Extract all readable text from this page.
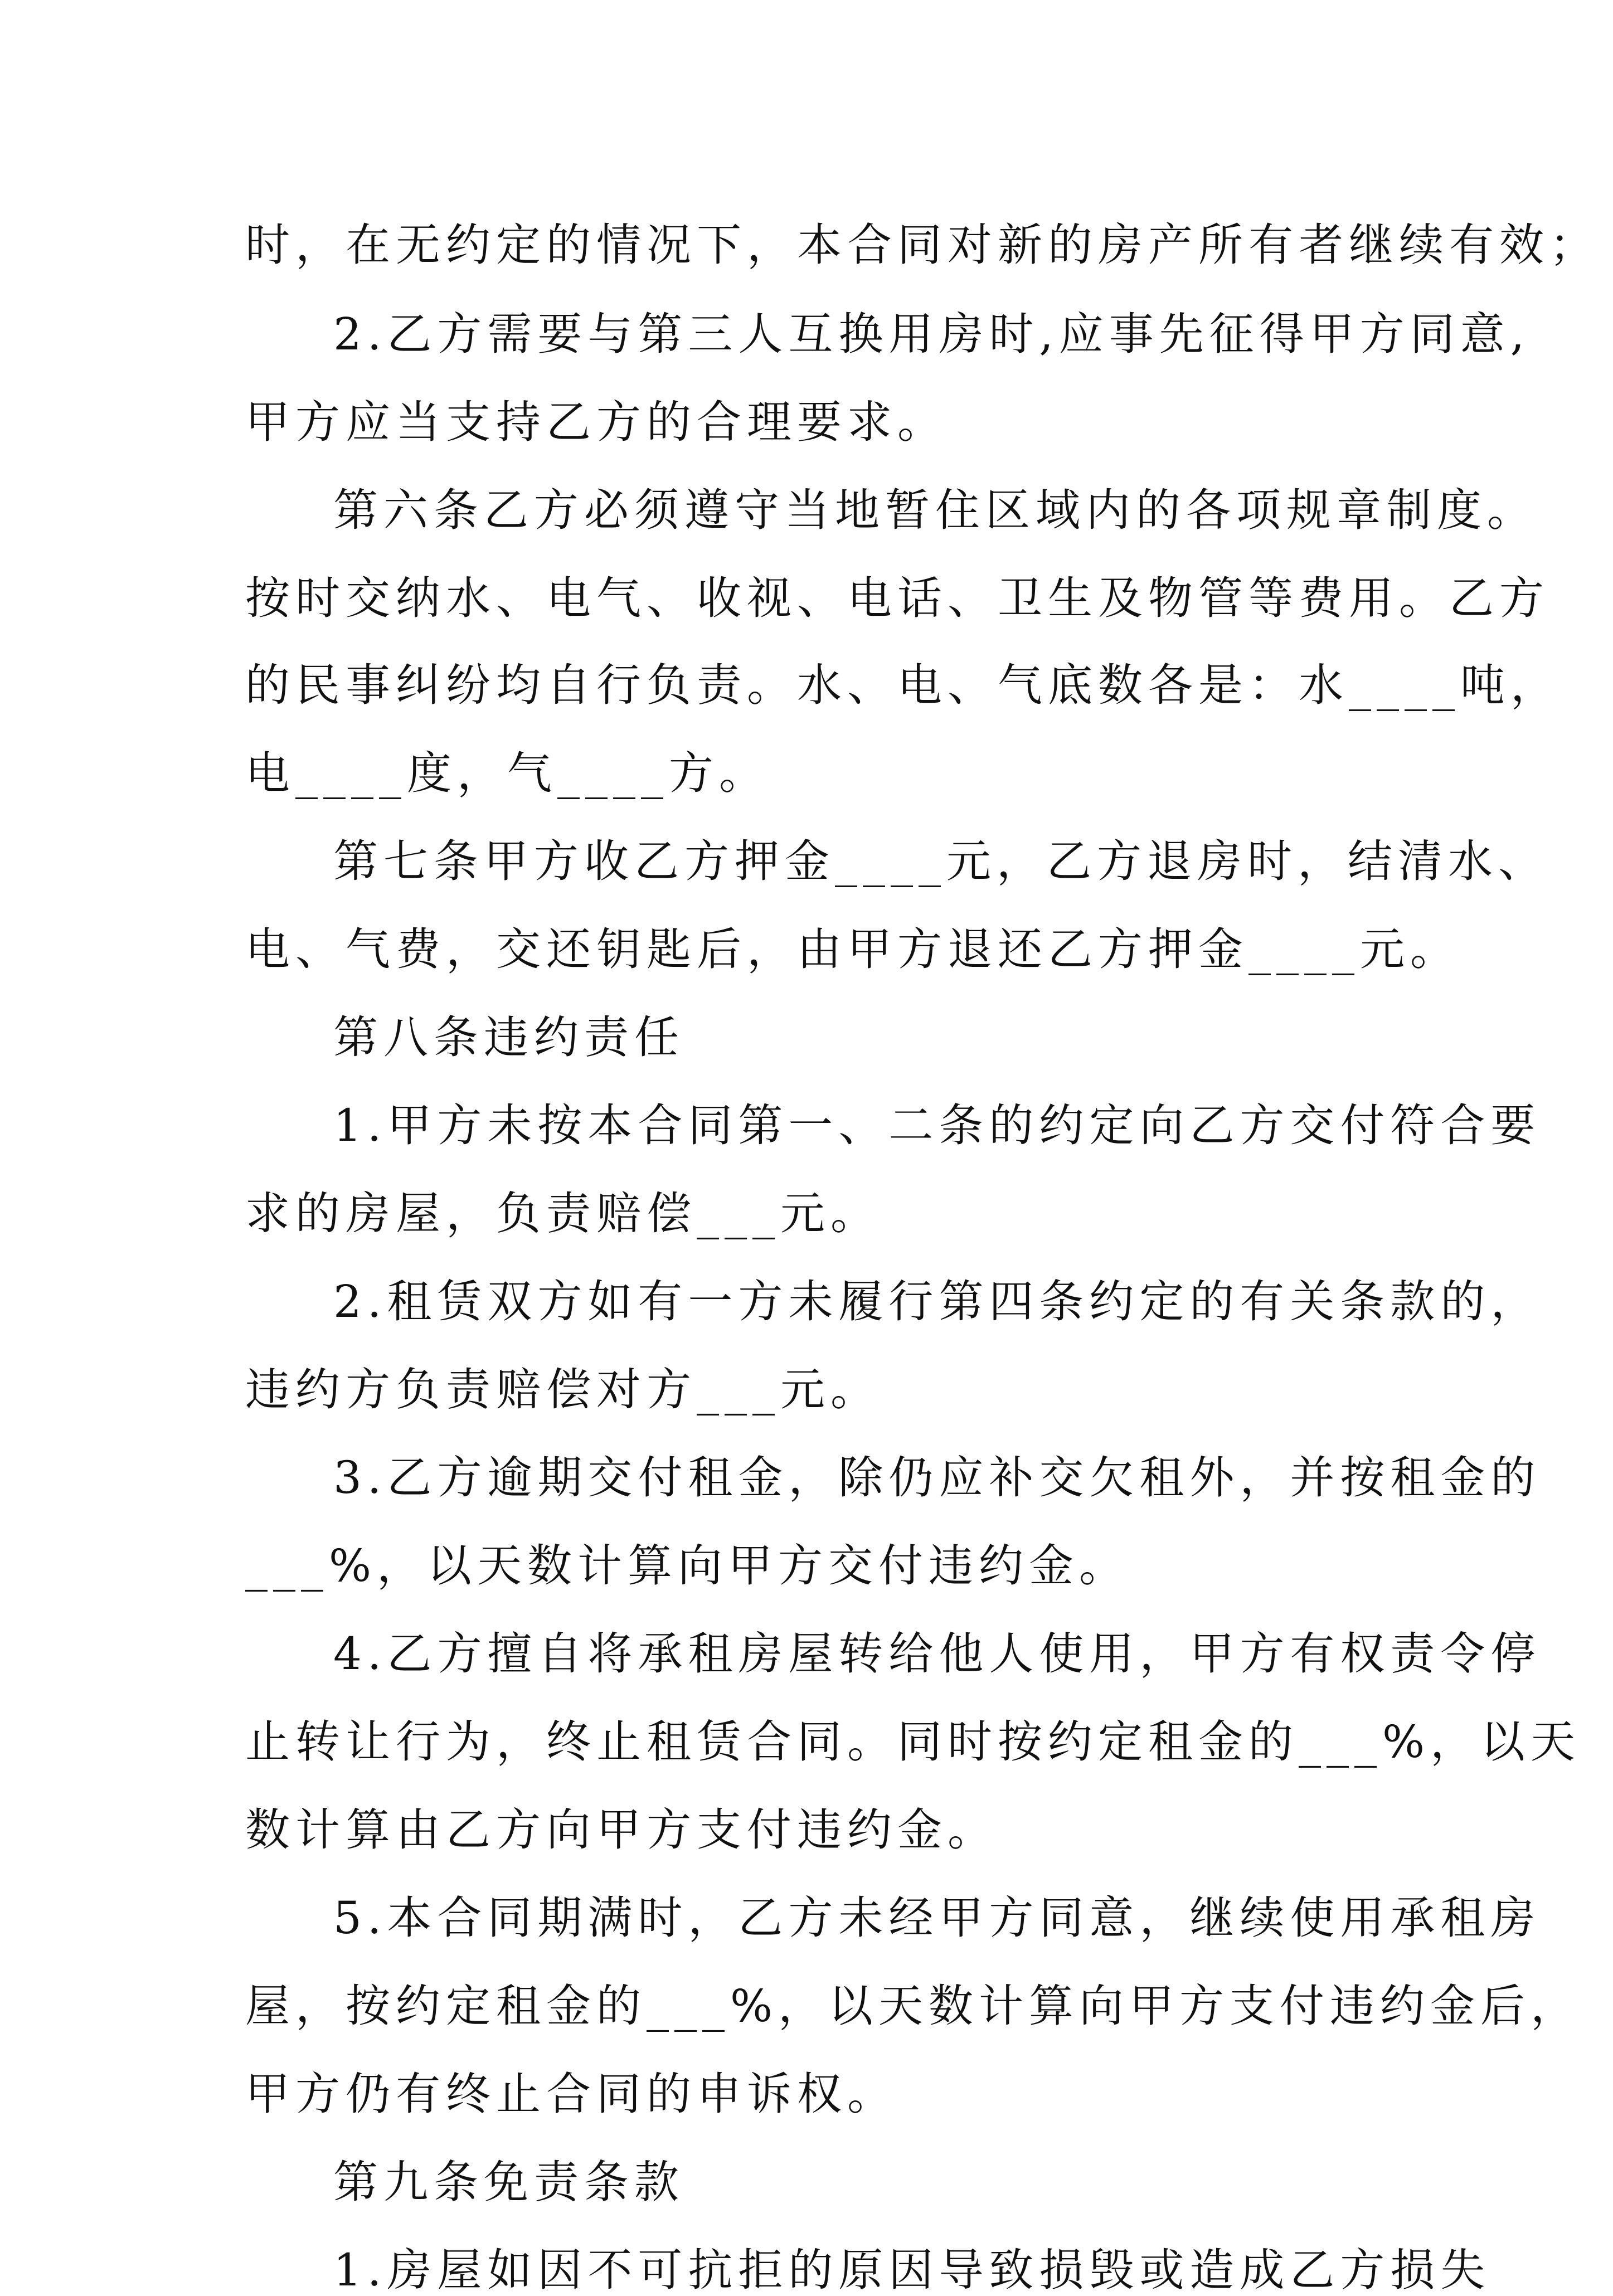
时，在无约定的情况下，本合同对新的房产所有者继续有效；

2.乙方需要与第三人互换用房时,应事先征得甲方同意,

甲方应当支持乙方的合理要求。

第六条乙方必须遵守当地暂住区域内的各项规章制度。

按时交纳水、电气、收视、电话、卫生及物管等费用。乙方

的民事纠纷均自行负责。水、电、气底数各是：水____吨，

电____度，气____方。

第七条甲方收乙方押金____元，乙方退房时，结清水、

电、气费，交还钥匙后，由甲方退还乙方押金____元。

第八条违约责任

1.甲方未按本合同第一、二条的约定向乙方交付符合要

求的房屋，负责赔偿___元。

2.租赁双方如有一方未履行第四条约定的有关条款的，

违约方负责赔偿对方___元。

3.乙方逾期交付租金，除仍应补交欠租外，并按租金的

___%，以天数计算向甲方交付违约金。

4.乙方擅自将承租房屋转给他人使用，甲方有权责令停

止转让行为，终止租赁合同。同时按约定租金的___%，以天

数计算由乙方向甲方支付违约金。

5.本合同期满时，乙方未经甲方同意，继续使用承租房

屋，按约定租金的___%，以天数计算向甲方支付违约金后，

甲方仍有终止合同的申诉权。

第九条免责条款

1.房屋如因不可抗拒的原因导致损毁或造成乙方损失
